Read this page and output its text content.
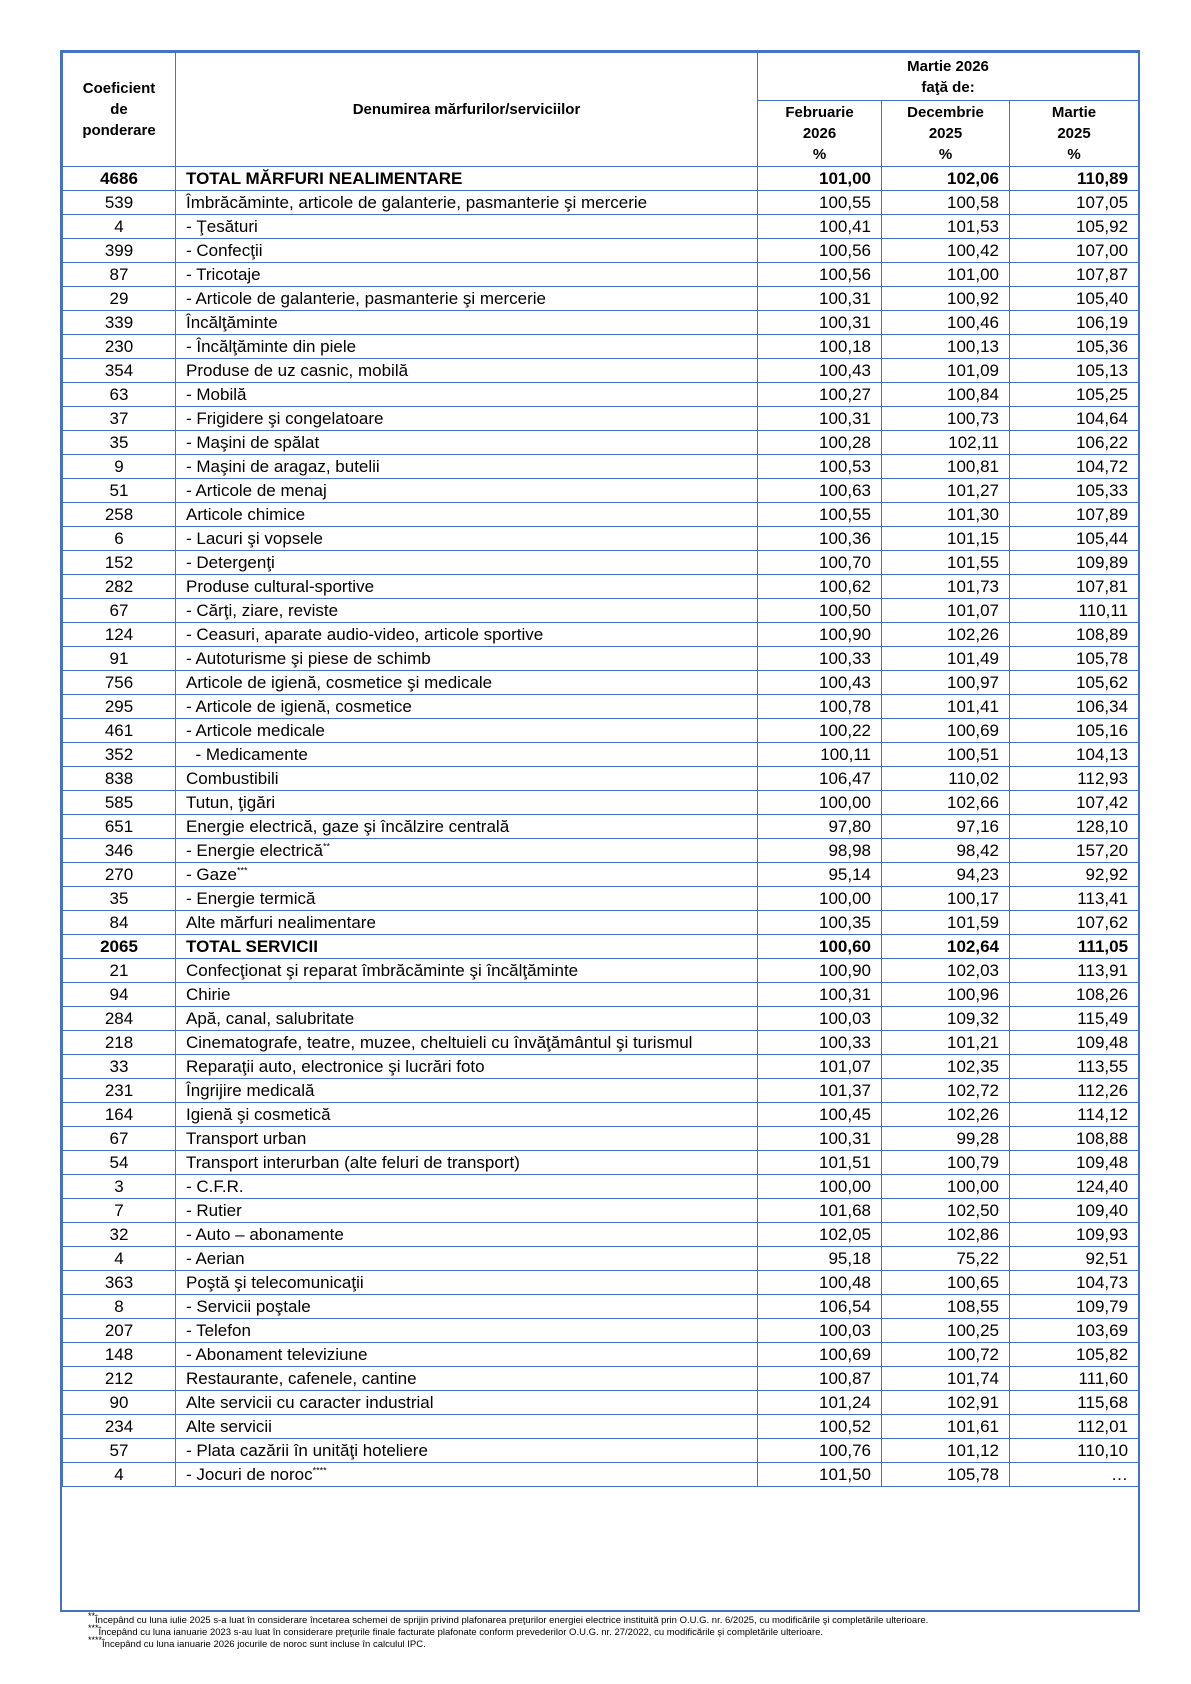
Coeficient
de
ponderare	Denumirea mărfurilor/serviciilor	Martie 2026
faţă de:		

		Februarie
2026
%	Decembrie
2025
%	Martie
2025
%

4686	TOTAL MĂRFURI NEALIMENTARE	101,00	102,06	110,89
539	Îmbrăcăminte, articole de galanterie, pasmanterie şi mercerie	100,55	100,58	107,05
4	- Ţesături	100,41	101,53	105,92
399	- Confecţii	100,56	100,42	107,00
87	- Tricotaje	100,56	101,00	107,87
29	- Articole de galanterie, pasmanterie şi mercerie	100,31	100,92	105,40
339	Încălţăminte	100,31	100,46	106,19
230	- Încălţăminte din piele	100,18	100,13	105,36
354	Produse de uz casnic, mobilă	100,43	101,09	105,13
63	- Mobilă	100,27	100,84	105,25
37	- Frigidere şi congelatoare	100,31	100,73	104,64
35	- Maşini de spălat	100,28	102,11	106,22
9	- Maşini de aragaz, butelii	100,53	100,81	104,72
51	- Articole de menaj	100,63	101,27	105,33
258	Articole chimice	100,55	101,30	107,89
6	- Lacuri şi vopsele	100,36	101,15	105,44
152	- Detergenţi	100,70	101,55	109,89
282	Produse cultural-sportive	100,62	101,73	107,81
67	- Cărţi, ziare, reviste	100,50	101,07	110,11
124	- Ceasuri, aparate audio-video, articole sportive	100,90	102,26	108,89
91	- Autoturisme şi piese de schimb	100,33	101,49	105,78
756	Articole de igienă, cosmetice şi medicale	100,43	100,97	105,62
295	- Articole de igienă, cosmetice	100,78	101,41	106,34
461	- Articole medicale	100,22	100,69	105,16
352	- Medicamente	100,11	100,51	104,13
838	Combustibili	106,47	110,02	112,93
585	Tutun, ţigări	100,00	102,66	107,42
651	Energie electrică, gaze şi încălzire centrală	97,80	97,16	128,10
346	- Energie electrică**	98,98	98,42	157,20
270	- Gaze***	95,14	94,23	92,92
35	- Energie termică	100,00	100,17	113,41
84	Alte mărfuri nealimentare	100,35	101,59	107,62
2065	TOTAL SERVICII	100,60	102,64	111,05
21	Confecţionat şi reparat îmbrăcăminte şi încălţăminte	100,90	102,03	113,91
94	Chirie	100,31	100,96	108,26
284	Apă, canal, salubritate	100,03	109,32	115,49
218	Cinematografe, teatre, muzee, cheltuieli cu învăţământul şi turismul	100,33	101,21	109,48
33	Reparaţii auto, electronice şi lucrări foto	101,07	102,35	113,55
231	Îngrijire medicală	101,37	102,72	112,26
164	Igienă şi cosmetică	100,45	102,26	114,12
67	Transport urban	100,31	99,28	108,88
54	Transport interurban (alte feluri de transport)	101,51	100,79	109,48
3	- C.F.R.	100,00	100,00	124,40
7	- Rutier	101,68	102,50	109,40
32	- Auto – abonamente	102,05	102,86	109,93
4	- Aerian	95,18	75,22	92,51
363	Poştă şi telecomunicaţii	100,48	100,65	104,73
8	- Servicii poştale	106,54	108,55	109,79
207	- Telefon	100,03	100,25	103,69
148	- Abonament televiziune	100,69	100,72	105,82
212	Restaurante, cafenele, cantine	100,87	101,74	111,60
90	Alte servicii cu caracter industrial	101,24	102,91	115,68
234	Alte servicii	100,52	101,61	112,01
57	- Plata cazării în unităţi hoteliere	100,76	101,12	110,10
4	- Jocuri de noroc****	101,50	105,78	…
**Începând cu luna iulie 2025 s-a luat în considerare încetarea schemei de sprijin privind plafonarea preţurilor energiei electrice instituită prin O.U.G. nr. 6/2025, cu modificările şi completările ulterioare.
***Începând cu luna ianuarie 2023 s-au luat în considerare preţurile finale facturate plafonate conform prevederilor O.U.G. nr. 27/2022, cu modificările şi completările ulterioare.
****Începând cu luna ianuarie 2026 jocurile de noroc sunt incluse în calculul IPC.
